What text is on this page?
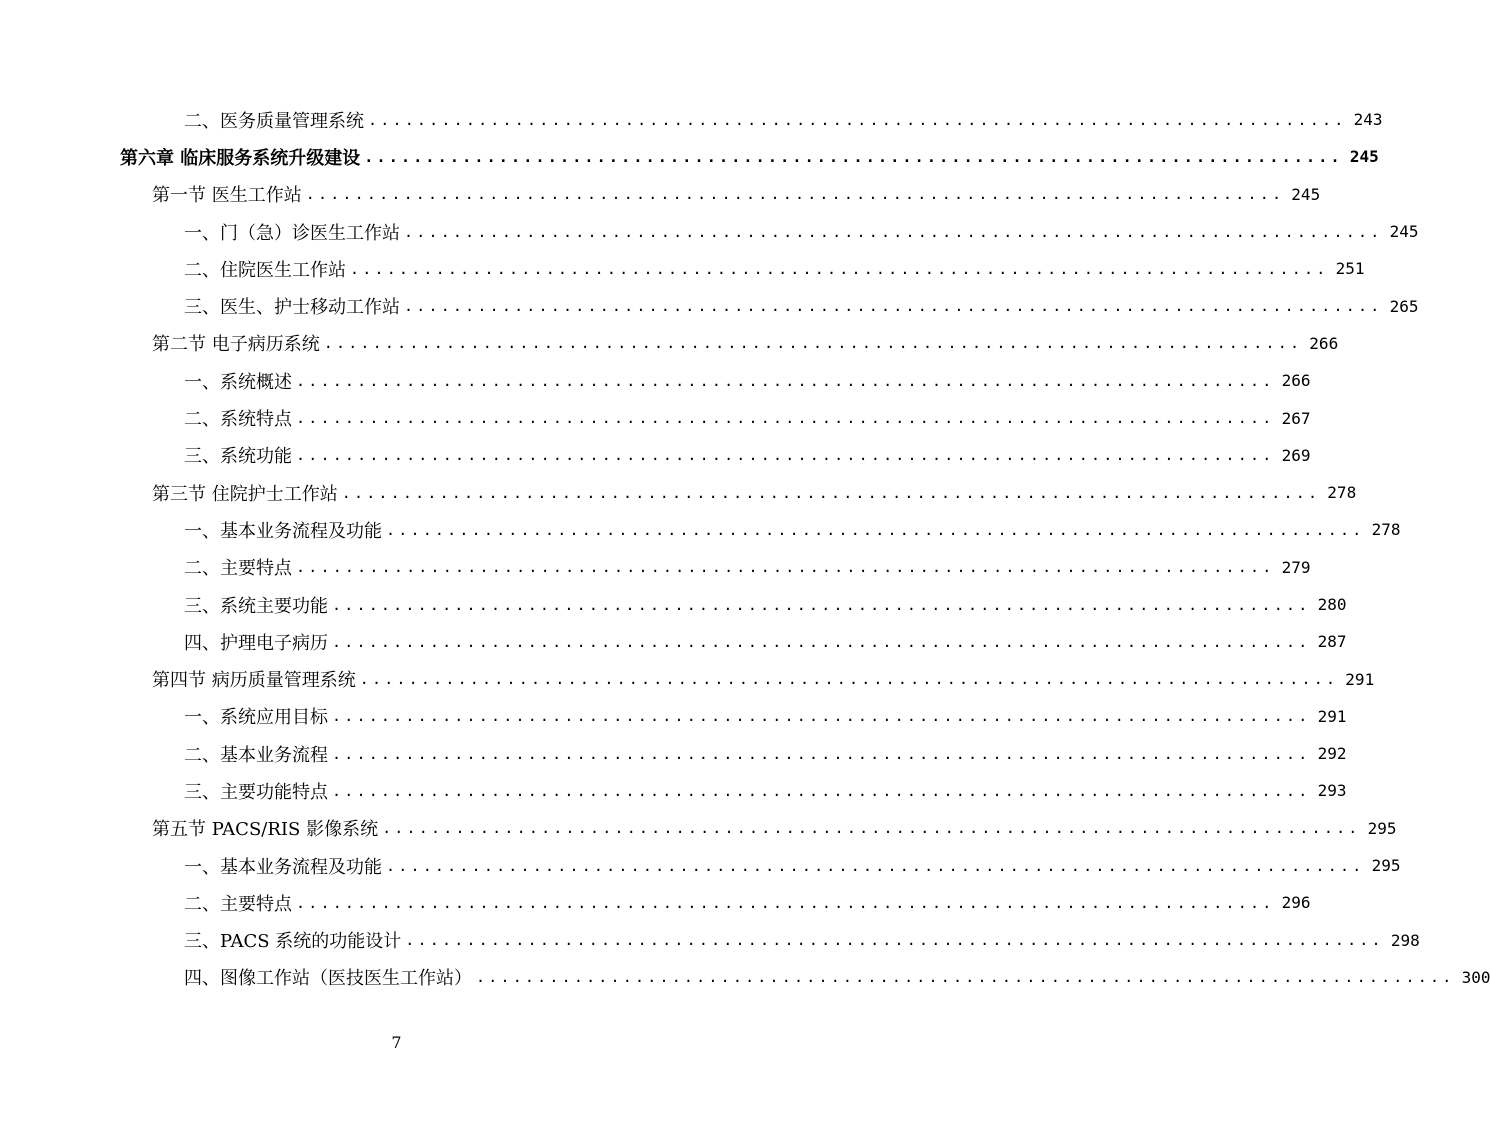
二、医务质量管理系统 ................................................................................ 243
第六章 临床服务系统升级建设 ................................................................................ 245
第一节 医生工作站 ................................................................................ 245
一、门（急）诊医生工作站 ................................................................................ 245
二、住院医生工作站 ................................................................................ 251
三、医生、护士移动工作站 ................................................................................ 265
第二节 电子病历系统 ................................................................................ 266
一、系统概述 ................................................................................ 266
二、系统特点 ................................................................................ 267
三、系统功能 ................................................................................ 269
第三节 住院护士工作站 ................................................................................ 278
一、基本业务流程及功能 ................................................................................ 278
二、主要特点 ................................................................................ 279
三、系统主要功能 ................................................................................ 280
四、护理电子病历 ................................................................................ 287
第四节 病历质量管理系统 ................................................................................ 291
一、系统应用目标 ................................................................................ 291
二、基本业务流程 ................................................................................ 292
三、主要功能特点 ................................................................................ 293
第五节 PACS/RIS 影像系统 ................................................................................ 295
一、基本业务流程及功能 ................................................................................ 295
二、主要特点 ................................................................................ 296
三、PACS 系统的功能设计 ................................................................................ 298
四、图像工作站（医技医生工作站） ................................................................................ 300
7
